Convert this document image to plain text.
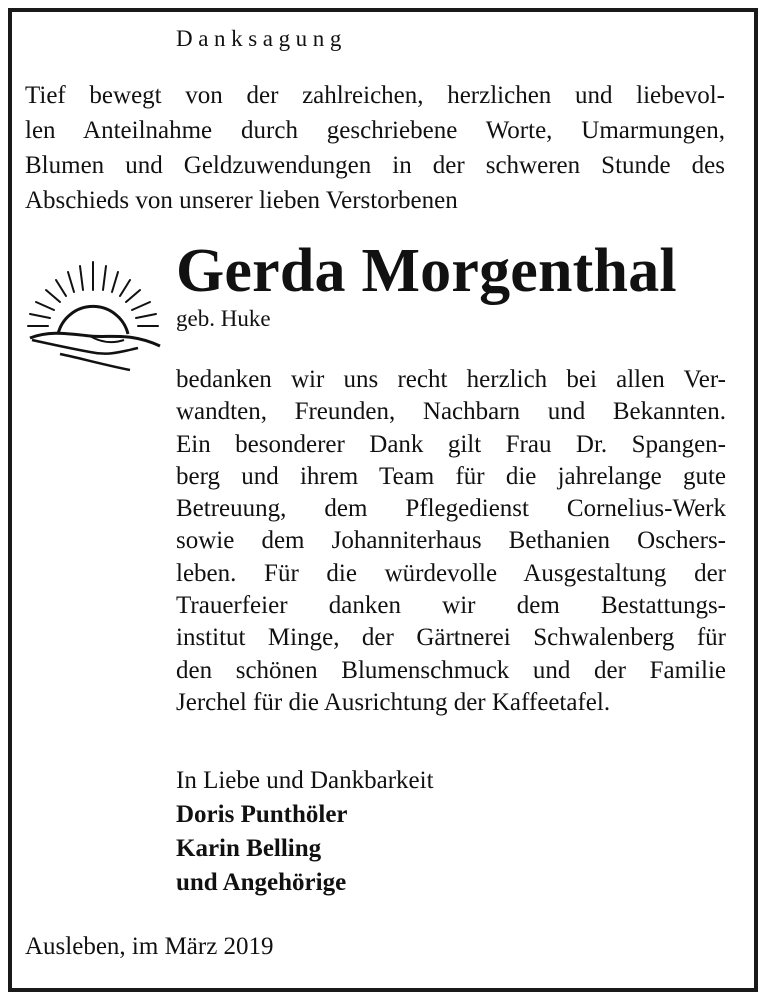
Danksagung
Tief bewegt von der zahlreichen, herzlichen und liebevol-
len Anteilnahme durch geschriebene Worte, Umarmungen,
Blumen und Geldzuwendungen in der schweren Stunde des
Abschieds von unserer lieben Verstorbenen
Gerda Morgenthal
geb. Huke
bedanken wir uns recht herzlich bei allen Ver-
wandten, Freunden, Nachbarn und Bekannten.
Ein besonderer Dank gilt Frau Dr. Spangen-
berg und ihrem Team für die jahrelange gute
Betreuung, dem Pflegedienst Cornelius-Werk
sowie dem Johanniterhaus Bethanien Oschers-
leben. Für die würdevolle Ausgestaltung der
Trauerfeier danken wir dem Bestattungs-
institut Minge, der Gärtnerei Schwalenberg für
den schönen Blumenschmuck und der Familie
Jerchel für die Ausrichtung der Kaffeetafel.
In Liebe und Dankbarkeit
Doris Punthöler
Karin Belling
und Angehörige
Ausleben, im März 2019
